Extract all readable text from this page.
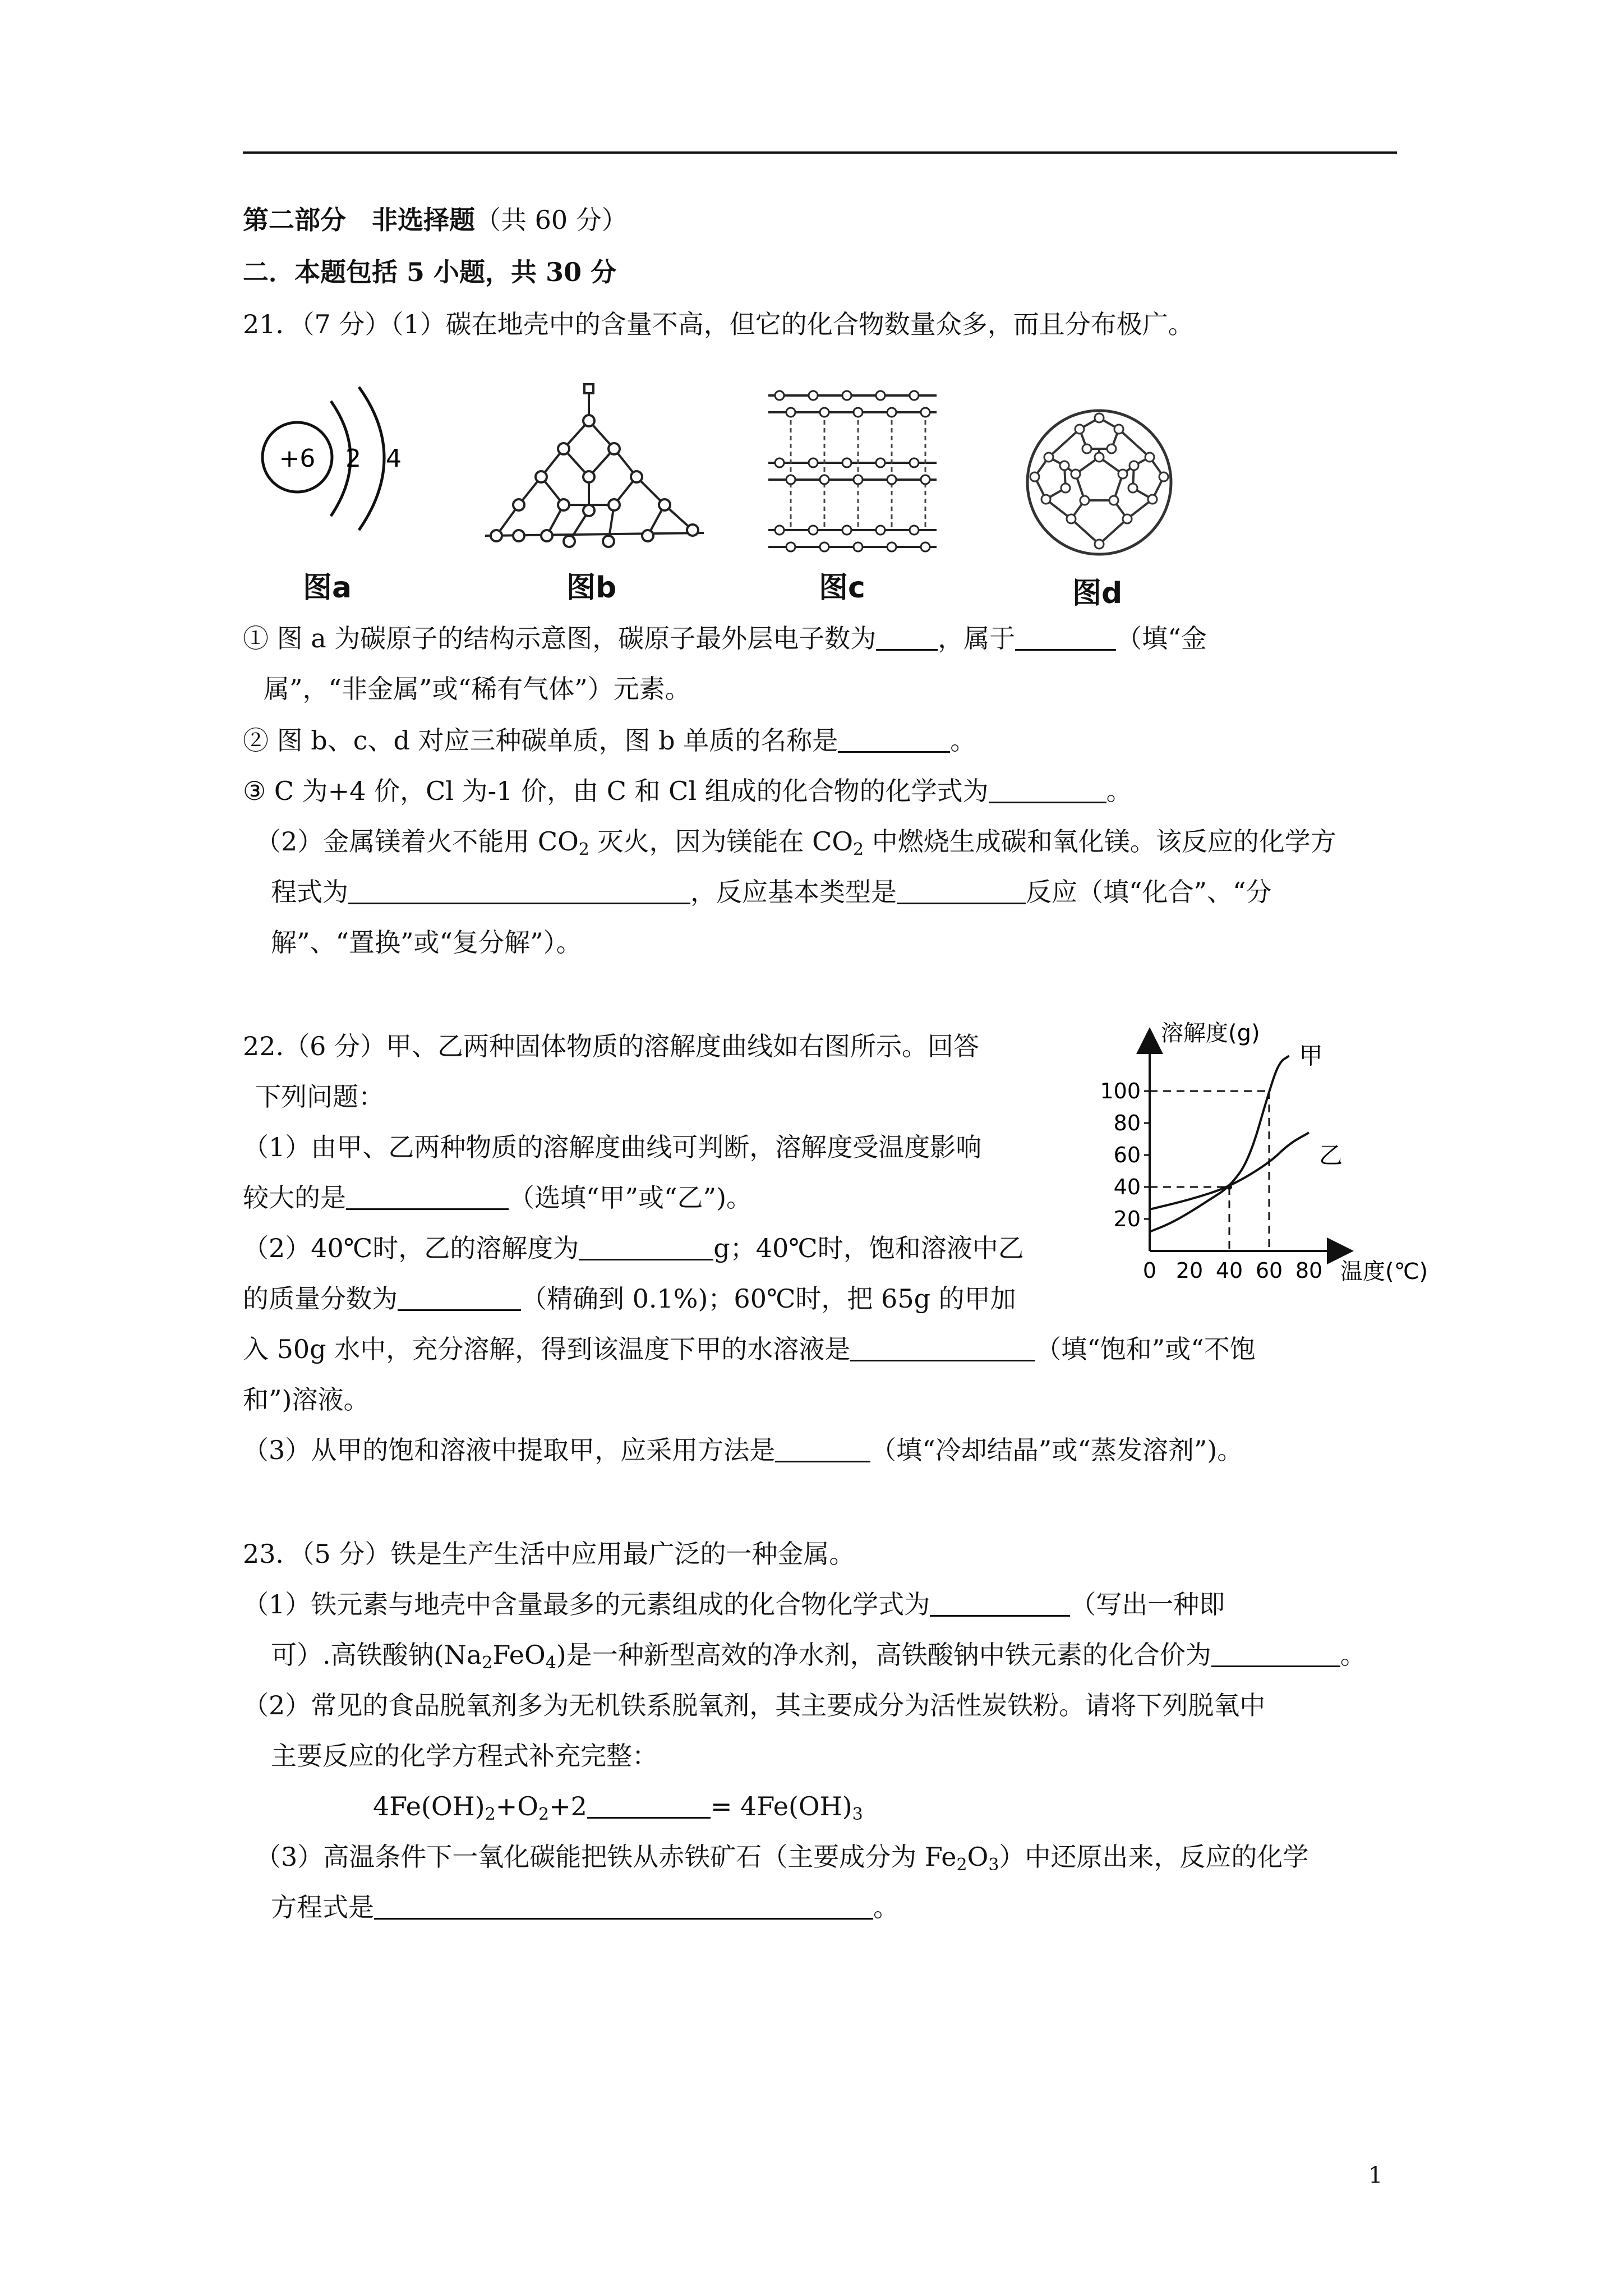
第二部分　非选择题（共 60 分）
二．本题包括 5 小题，共 30 分
21．（7 分）（1）碳在地壳中的含量不高，但它的化合物数量众多，而且分布极广。
+6 2 4
图a	图b	图c	图d
① 图 a 为碳原子的结构示意图，碳原子最外层电子数为 ，属于	（填“金
属”，“非金属”或“稀有气体”）元素。
② 图 b、c、d 对应三种碳单质，图 b 单质的名称是	。
③ C 为+4 价，Cl 为-1 价，由 C 和 Cl 组成的化合物的化学式为	。
（2）金属镁着火不能用 $CO_2$ 灭火，因为镁能在 $CO_2$ 中燃烧生成碳和氧化镁。该反应的化学方
程式为	，反应基本类型是	反应（填“化合”、“分
解”、“置换”或“复分解”）。
22.（6 分）甲、乙两种固体物质的溶解度曲线如右图所示。回答
下列问题：
（1）由甲、乙两种物质的溶解度曲线可判断，溶解度受温度影响
较大的是	（选填“甲”或“乙”)。
（2）40℃时，乙的溶解度为	g；40℃时，饱和溶液中乙
的质量分数为	（精确到 0.1%)；60℃时，把 65g 的甲加
入 50g 水中，充分溶解，得到该温度下甲的水溶液是	（填“饱和”或“不饱
和”)溶液。
（3）从甲的饱和溶液中提取甲，应采用方法是	（填“冷却结晶”或“蒸发溶剂”)。
溶解度(g)
温度(℃)
0 20 40 60 80
20
40
60
80
100
甲
乙
23．（5 分）铁是生产生活中应用最广泛的一种金属。
（1）铁元素与地壳中含量最多的元素组成的化合物化学式为	（写出一种即
可）.高铁酸钠$(Na_2FeO_4)$是一种新型高效的净水剂，高铁酸钠中铁元素的化合价为	。
（2）常见的食品脱氧剂多为无机铁系脱氧剂，其主要成分为活性炭铁粉。请将下列脱氧中
主要反应的化学方程式补充完整：
$4Fe(OH)_2+O_2+2$	= $4Fe(OH)_3$
（3）高温条件下一氧化碳能把铁从赤铁矿石（主要成分为 $Fe_2O_3$）中还原出来，反应的化学
方程式是	。
1
